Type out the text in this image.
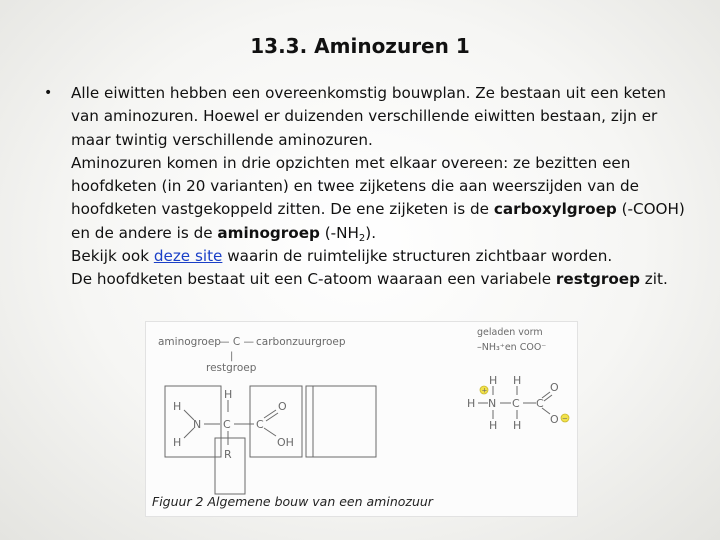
13.3. Aminozuren 1
• Alle eiwitten hebben een overeenkomstig bouwplan. Ze bestaan uit een keten van aminozuren. Hoewel er duizenden verschillende eiwitten bestaan, zijn er maar twintig verschillende aminozuren.

Aminozuren komen in drie opzichten met elkaar overeen: ze bezitten een hoofdketen (in 20 varianten) en twee zijketens die aan weerszijden van de hoofdketen vastgekoppeld zitten. De ene zijketen is de carboxylgroep (-COOH) en de andere is de aminogroep $(-NH_2)$.

Bekijk ook deze site waarin de ruimtelijke structuren zichtbaar worden.

De hoofdketen bestaat uit een C-atoom waaraan een variabele restgroep zit.

aminogroep
— C — carbonzuurgroep
|
restgroep
geladen vorm
–NH₃⁺en COO⁻
H
H
N
H
C C
O
OH
R
+
H N C C
H H
H H
O
O −
Figuur 2 Algemene bouw van een aminozuur
